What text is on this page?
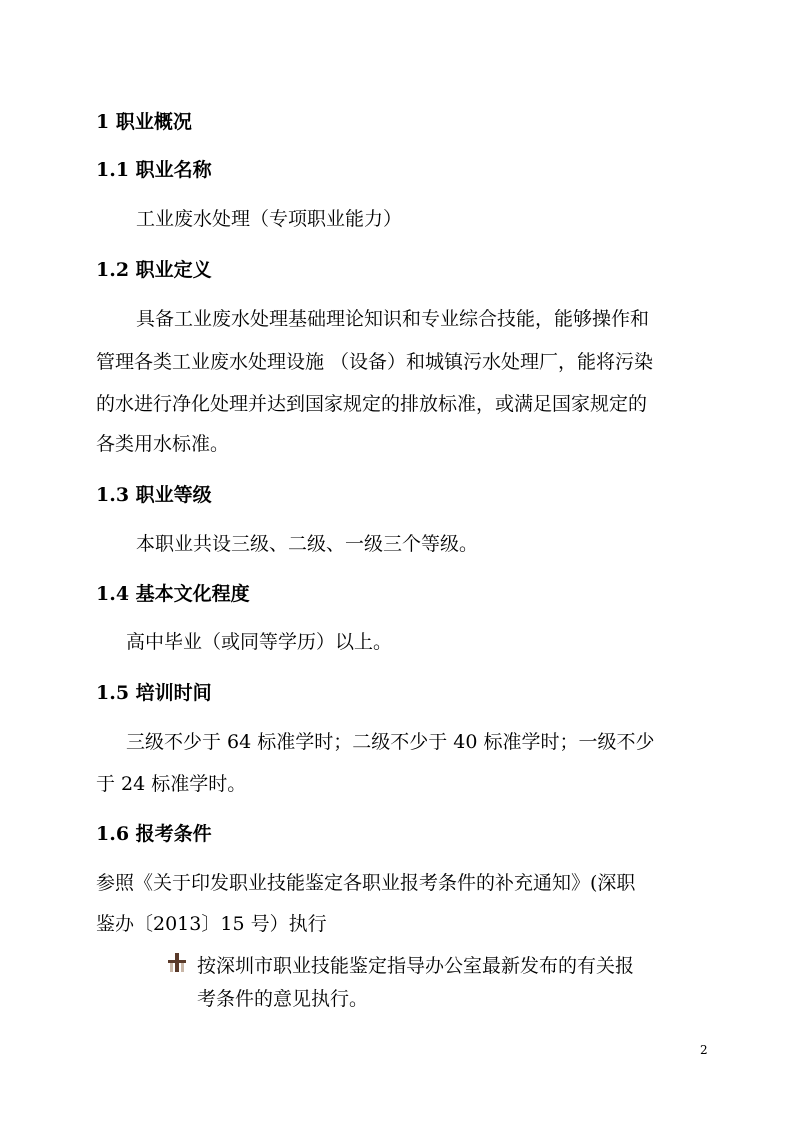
1 职业概况
1.1 职业名称
工业废水处理（专项职业能力）
1.2 职业定义
具备工业废水处理基础理论知识和专业综合技能，能够操作和
管理各类工业废水处理设施 （设备）和城镇污水处理厂，能将污染
的水进行净化处理并达到国家规定的排放标准，或满足国家规定的
各类用水标准。
1.3 职业等级
本职业共设三级、二级、一级三个等级。
1.4 基本文化程度
高中毕业（或同等学历）以上。
1.5 培训时间
三级不少于 64 标准学时；二级不少于 40 标准学时；一级不少
于 24 标准学时。
1.6 报考条件
参照《关于印发职业技能鉴定各职业报考条件的补充通知》(深职
鉴办〔2013〕15 号）执行
按深圳市职业技能鉴定指导办公室最新发布的有关报
考条件的意见执行。
2
